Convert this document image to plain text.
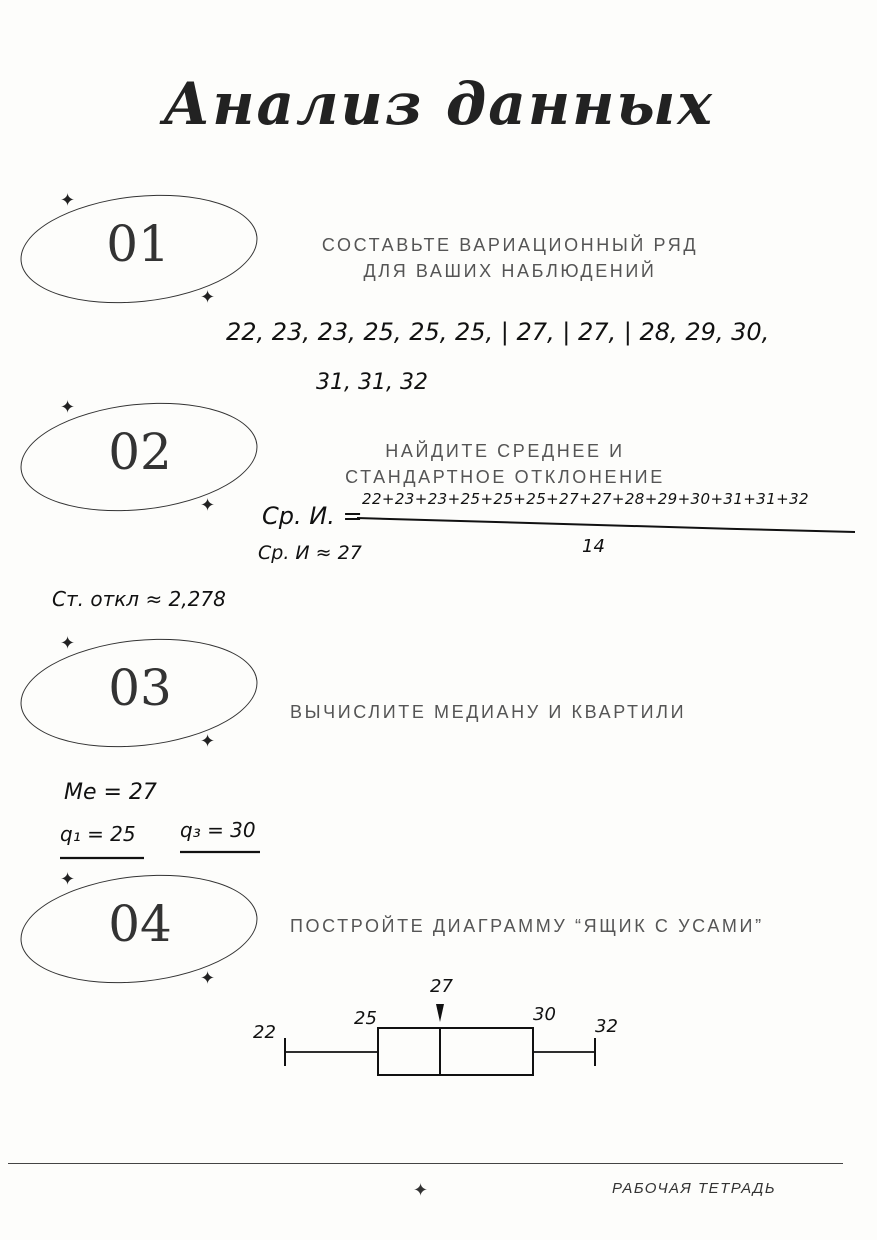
Анализ данных
✦
✦
01	СОСТАВЬТЕ ВАРИАЦИОННЫЙ РЯД
ДЛЯ ВАШИХ НАБЛЮДЕНИЙ
22, 23, 23, 25, 25, 25, | 27, | 27, | 28, 29, 30,
31, 31, 32
✦
✦
02	НАЙДИТЕ СРЕДНЕЕ И
СТАНДАРТНОЕ ОТКЛОНЕНИЕ
Ср. И. =
22+23+23+25+25+25+27+27+28+29+30+31+31+32
14
Ср. И ≈ 27
Ст. откл ≈ 2,278
✦
✦
03	ВЫЧИСЛИТЕ МЕДИАНУ И КВАРТИЛИ
Me = 27
q₁ = 25 q₃ = 30
✦
✦
04	ПОСТРОЙТЕ ДИАГРАММУ “ЯЩИК С УСАМИ”
22
25
27
30
32
✦	РАБОЧАЯ ТЕТРАДЬ
